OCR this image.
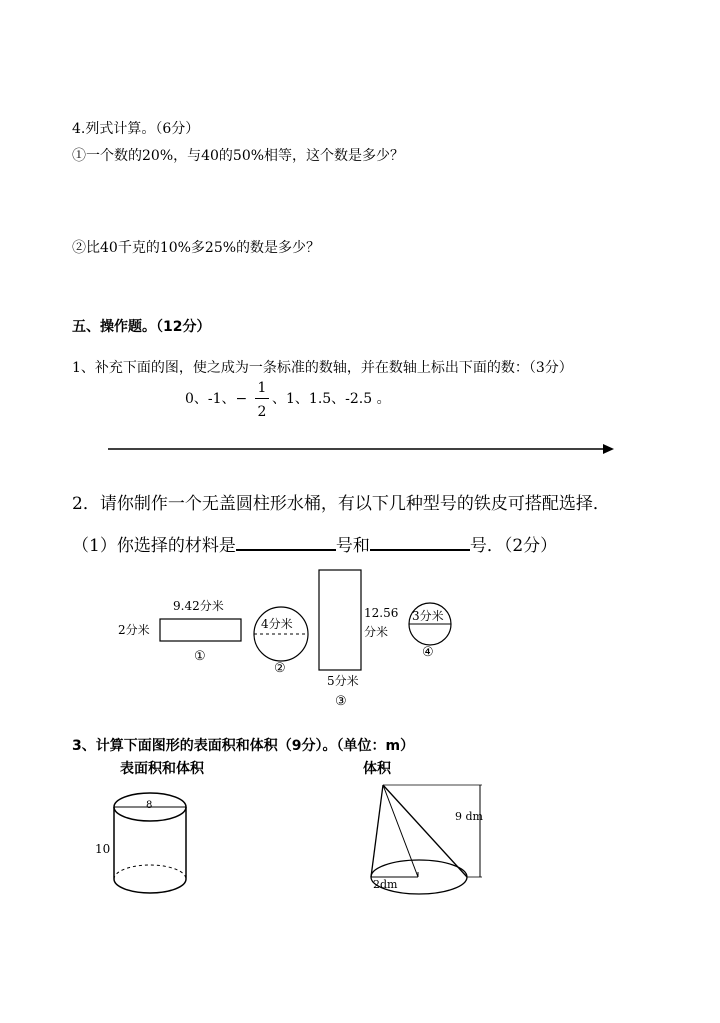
4.列式计算。（6分）
①一个数的20%，与40的50%相等，这个数是多少？
②比40千克的10%多25%的数是多少？
五、操作题。（12分）
1、补充下面的图，使之成为一条标准的数轴，并在数轴上标出下面的数：（3分）
0、-1、−
1
2
、1、1.5、-2.5 。
2．请你制作一个无盖圆柱形水桶，有以下几种型号的铁皮可搭配选择．
（1）你选择的材料是	号和	号．（2分）
9.42分米
2分米
①
4分米
②
12.56
分米
5分米
③
3分米
④
3、计算下面图形的表面积和体积（9分）。（单位：m）
表面积和体积	体积
8
10
9 dm
2dm
